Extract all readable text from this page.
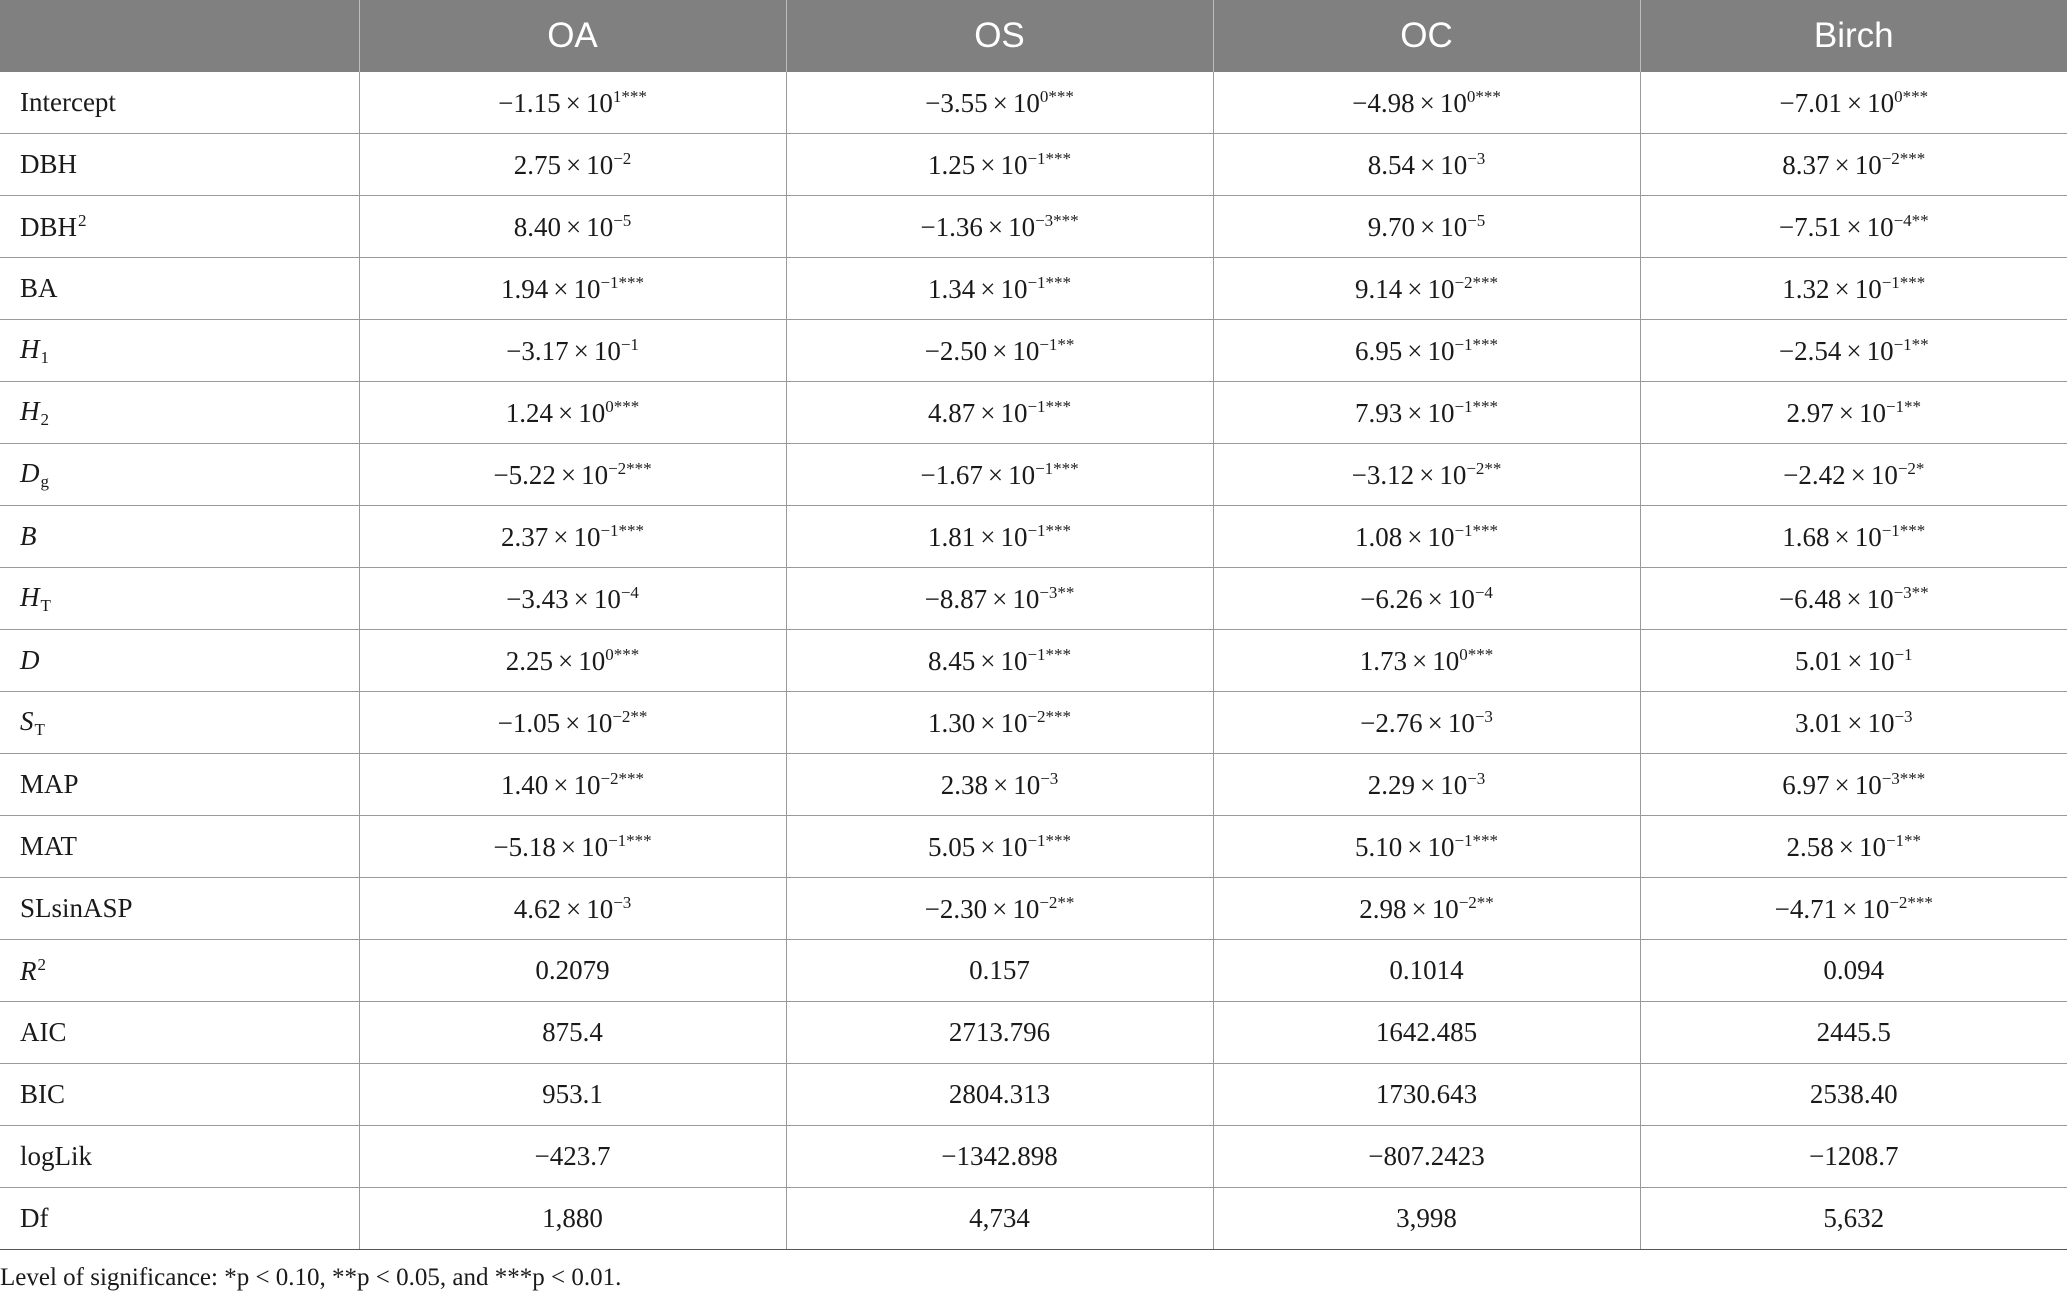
	OA	OS	OC	Birch
Intercept	$-1.15 \times 10^{1***}$	$-3.55 \times 10^{0***}$	$-4.98 \times 10^{0***}$	$-7.01 \times 10^{0***}$
DBH	$2.75 \times 10^{-2}$	$1.25 \times 10^{-1***}$	$8.54 \times 10^{-3}$	$8.37 \times 10^{-2***}$
DBH$^2$	$8.40 \times 10^{-5}$	$-1.36 \times 10^{-3***}$	$9.70 \times 10^{-5}$	$-7.51 \times 10^{-4**}$
BA	$1.94 \times 10^{-1***}$	$1.34 \times 10^{-1***}$	$9.14 \times 10^{-2***}$	$1.32 \times 10^{-1***}$
H1	$-3.17 \times 10^{-1}$	$-2.50 \times 10^{-1**}$	$6.95 \times 10^{-1***}$	$-2.54 \times 10^{-1**}$
H2	$1.24 \times 10^{0***}$	$4.87 \times 10^{-1***}$	$7.93 \times 10^{-1***}$	$2.97 \times 10^{-1**}$
Dg	$-5.22 \times 10^{-2***}$	$-1.67 \times 10^{-1***}$	$-3.12 \times 10^{-2**}$	$-2.42 \times 10^{-2*}$
B	$2.37 \times 10^{-1***}$	$1.81 \times 10^{-1***}$	$1.08 \times 10^{-1***}$	$1.68 \times 10^{-1***}$
HT	$-3.43 \times 10^{-4}$	$-8.87 \times 10^{-3**}$	$-6.26 \times 10^{-4}$	$-6.48 \times 10^{-3**}$
D	$2.25 \times 10^{0***}$	$8.45 \times 10^{-1***}$	$1.73 \times 10^{0***}$	$5.01 \times 10^{-1}$
ST	$-1.05 \times 10^{-2**}$	$1.30 \times 10^{-2***}$	$-2.76 \times 10^{-3}$	$3.01 \times 10^{-3}$
MAP	$1.40 \times 10^{-2***}$	$2.38 \times 10^{-3}$	$2.29 \times 10^{-3}$	$6.97 \times 10^{-3***}$
MAT	$-5.18 \times 10^{-1***}$	$5.05 \times 10^{-1***}$	$5.10 \times 10^{-1***}$	$2.58 \times 10^{-1**}$
SLsinASP	$4.62 \times 10^{-3}$	$-2.30 \times 10^{-2**}$	$2.98 \times 10^{-2**}$	$-4.71 \times 10^{-2***}$
$R^2$	0.2079	0.157	0.1014	0.094
AIC	875.4	2713.796	1642.485	2445.5
BIC	953.1	2804.313	1730.643	2538.40
logLik	−423.7	−1342.898	−807.2423	−1208.7
Df	1,880	4,734	3,998	5,632
Level of significance: *p < 0.10, **p < 0.05, and ***p < 0.01.
